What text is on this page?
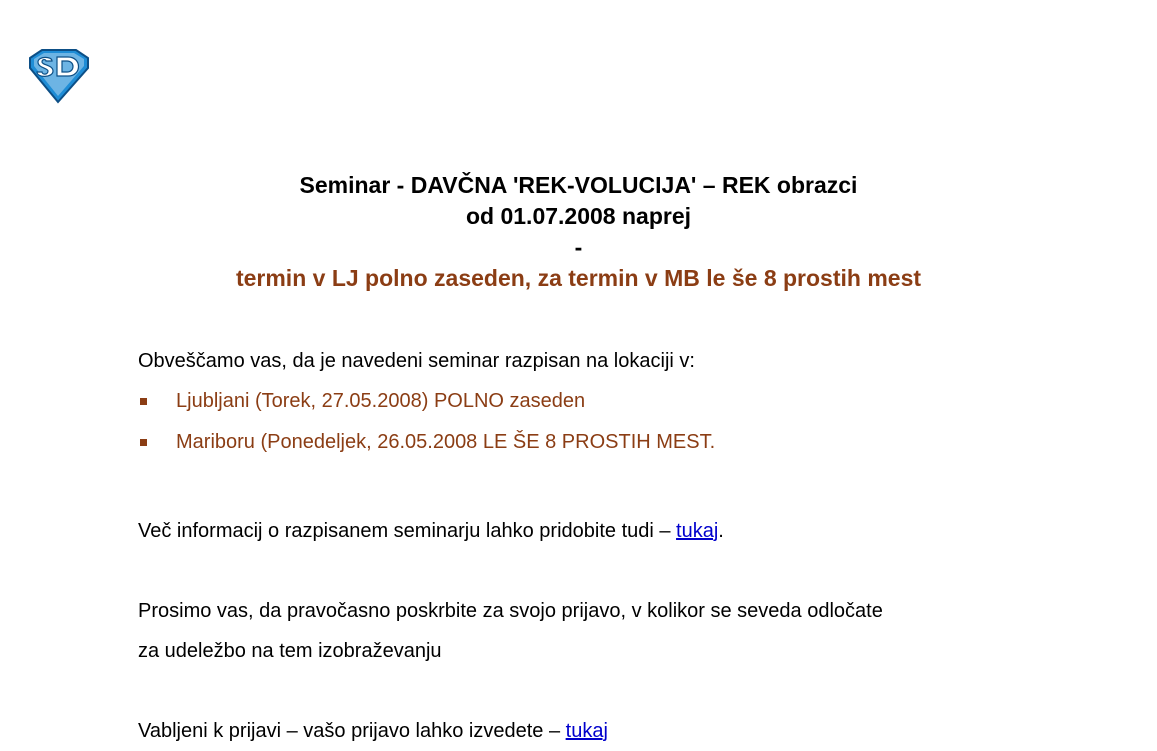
Seminar - DAVČNA 'REK-VOLUCIJA' – REK obrazci
od 01.07.2008 naprej
-
termin v LJ polno zaseden, za termin v MB le še 8 prostih mest

Obveščamo vas, da je navedeni seminar razpisan na lokaciji v:

Ljubljani (Torek, 27.05.2008) POLNO zaseden
Mariboru (Ponedeljek, 26.05.2008 LE ŠE 8 PROSTIH MEST.

Več informacij o razpisanem seminarju lahko pridobite tudi – tukaj.

Prosimo vas, da pravočasno poskrbite za svojo prijavo, v kolikor se seveda odločate
za udeležbo na tem izobraževanju

Vabljeni k prijavi – vašo prijavo lahko izvedete – tukaj
